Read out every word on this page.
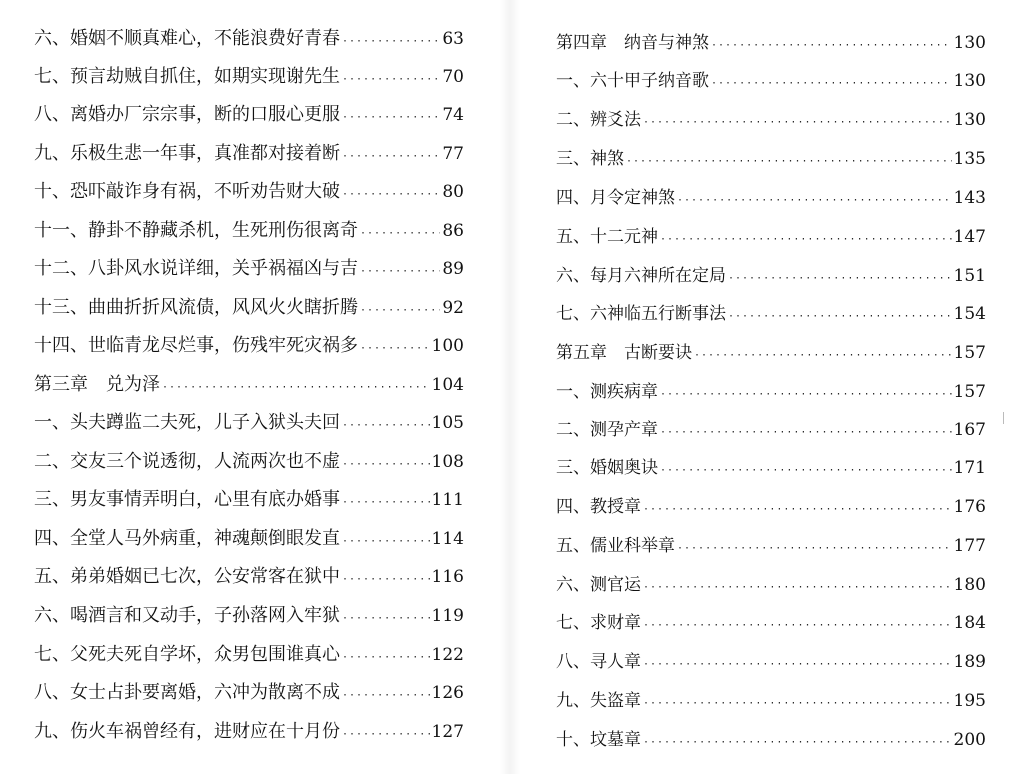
六、婚姻不顺真难心，不能浪费好青春 ·····	63
七、预言劫贼自抓住，如期实现谢先生 ·····	70
八、离婚办厂宗宗事，断的口服心更服 ·····	74
九、乐极生悲一年事，真准都对接着断 ·····	77
十、恐吓敲诈身有祸，不听劝告财大破 ·····	80
十一、静卦不静藏杀机，生死刑伤很离奇 ·····	86
十二、八卦风水说详细，关乎祸福凶与吉 ·····	89
十三、曲曲折折风流债，风风火火瞎折腾 ·····	92
十四、世临青龙尽烂事，伤残牢死灾祸多 ·····	100
第三章　兑为泽 ·····	104
一、头夫蹲监二夫死，儿子入狱头夫回 ·····	105
二、交友三个说透彻，人流两次也不虚 ·····	108
三、男友事情弄明白，心里有底办婚事 ·····	111
四、全堂人马外病重，神魂颠倒眼发直 ·····	114
五、弟弟婚姻已七次，公安常客在狱中 ·····	116
六、喝酒言和又动手，子孙落网入牢狱 ·····	119
七、父死夫死自学坏，众男包围谁真心 ·····	122
八、女士占卦要离婚，六冲为散离不成 ·····	126
九、伤火车祸曾经有，进财应在十月份 ·····	127
第四章　纳音与神煞 ·····	130
一、六十甲子纳音歌 ·····	130
二、辨爻法 ·····	130
三、神煞 ·····	135
四、月令定神煞 ·····	143
五、十二元神 ·····	147
六、每月六神所在定局 ·····	151
七、六神临五行断事法 ·····	154
第五章　古断要诀 ·····	157
一、测疾病章 ·····	157
二、测孕产章 ·····	167
三、婚姻奥诀 ·····	171
四、教授章 ·····	176
五、儒业科举章 ·····	177
六、测官运 ·····	180
七、求财章 ·····	184
八、寻人章 ·····	189
九、失盗章 ·····	195
十、坟墓章 ·····	200
